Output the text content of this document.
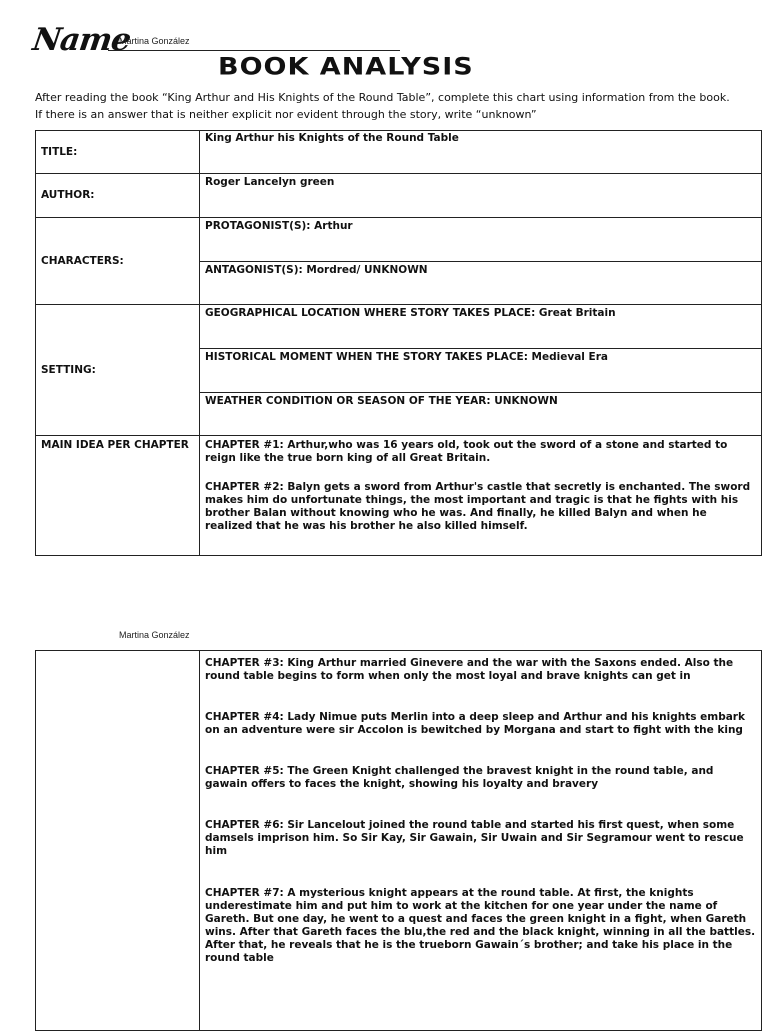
Name
Martina González
BOOK ANALYSIS

After reading the book “King Arthur and His Knights of the Round Table”, complete this chart using information from the book.

If there is an answer that is neither explicit nor evident through the story, write “unknown”

TITLE:	King Arthur his Knights of the Round Table
AUTHOR:	Roger Lancelyn green
CHARACTERS:	PROTAGONIST(S): Arthur
	ANTAGONIST(S): Mordred/ UNKNOWN
SETTING:	GEOGRAPHICAL LOCATION WHERE STORY TAKES PLACE: Great Britain
	HISTORICAL MOMENT WHEN THE STORY TAKES PLACE: Medieval Era
	WEATHER CONDITION OR SEASON OF THE YEAR: UNKNOWN
MAIN IDEA PER CHAPTER	CHAPTER #1: Arthur,who was 16 years old, took out the sword of a stone and started to reign like the true born king of all Great Britain.

CHAPTER #2: Balyn gets a sword from Arthur's castle that secretly is enchanted. The sword makes him do unfortunate things, the most important and tragic is that he fights with his brother Balan without knowing who he was. And finally, he killed Balyn and when he realized that he was his brother he also killed himself.

Martina González

CHAPTER #3: King Arthur married Ginevere and the war with the Saxons ended. Also the round table begins to form when only the most loyal and brave knights can get in

CHAPTER #4: Lady Nimue puts Merlin into a deep sleep and Arthur and his knights embark on an adventure were sir Accolon is bewitched by Morgana and start to fight with the king

CHAPTER #5: The Green Knight challenged the bravest knight in the round table, and gawain offers to faces the knight, showing his loyalty and bravery

CHAPTER #6: Sir Lancelout joined the round table and started his first quest, when some damsels imprison him. So Sir Kay, Sir Gawain, Sir Uwain and Sir Segramour went to rescue him

CHAPTER #7: A mysterious knight appears at the round table. At first, the knights underestimate him and put him to work at the kitchen for one year under the name of Gareth. But one day, he went to a quest and faces the green knight in a fight, when Gareth wins. After that Gareth faces the blu,the red and the black knight, winning in all the battles. After that, he reveals that he is the trueborn Gawain´s brother; and take his place in the round table
